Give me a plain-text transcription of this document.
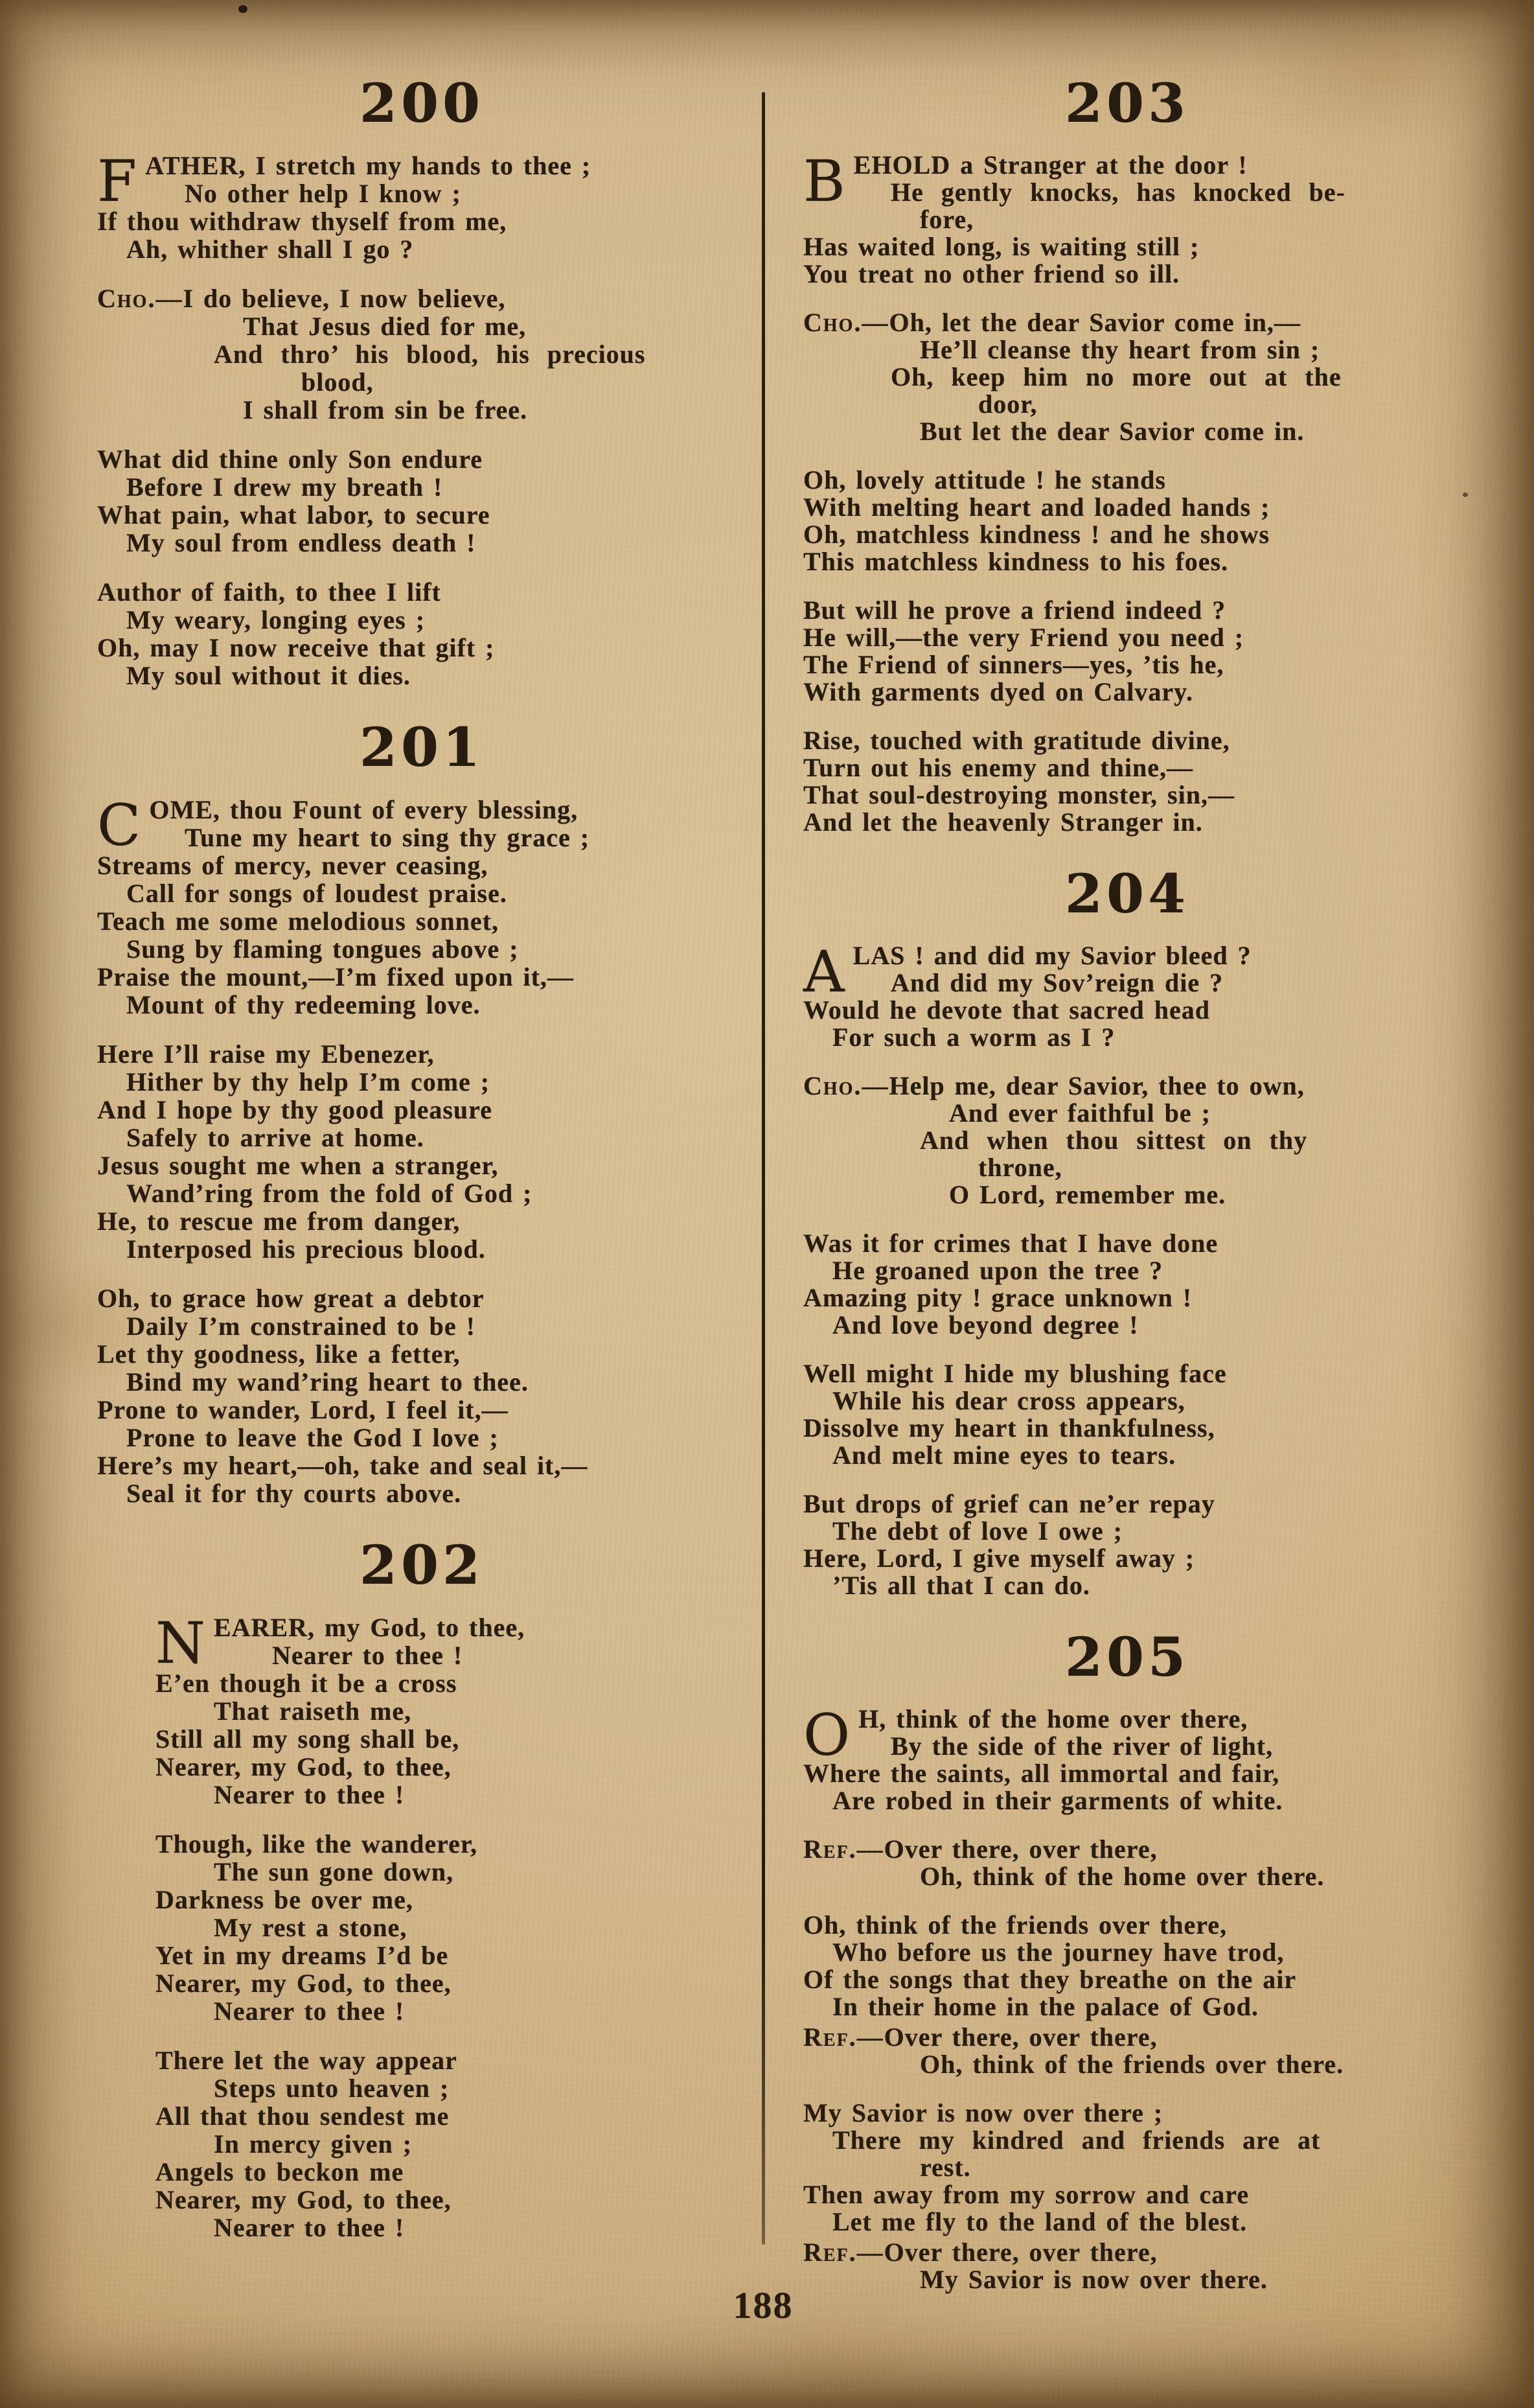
188
200
FATHER, I stretch my hands to thee ;
No other help I know ;
If thou withdraw thyself from me,
Ah, whither shall I go ?
Cho.—I do believe, I now believe,
That Jesus died for me,
And thro’ his blood, his precious
blood,
I shall from sin be free.
What did thine only Son endure
Before I drew my breath !
What pain, what labor, to secure
My soul from endless death !
Author of faith, to thee I lift
My weary, longing eyes ;
Oh, may I now receive that gift ;
My soul without it dies.
201
COME, thou Fount of every blessing,
Tune my heart to sing thy grace ;
Streams of mercy, never ceasing,
Call for songs of loudest praise.
Teach me some melodious sonnet,
Sung by flaming tongues above ;
Praise the mount,—I’m fixed upon it,—
Mount of thy redeeming love.
Here I’ll raise my Ebenezer,
Hither by thy help I’m come ;
And I hope by thy good pleasure
Safely to arrive at home.
Jesus sought me when a stranger,
Wand’ring from the fold of God ;
He, to rescue me from danger,
Interposed his precious blood.
Oh, to grace how great a debtor
Daily I’m constrained to be !
Let thy goodness, like a fetter,
Bind my wand’ring heart to thee.
Prone to wander, Lord, I feel it,—
Prone to leave the God I love ;
Here’s my heart,—oh, take and seal it,—
Seal it for thy courts above.
202
NEARER, my God, to thee,
Nearer to thee !
E’en though it be a cross
That raiseth me,
Still all my song shall be,
Nearer, my God, to thee,
Nearer to thee !
Though, like the wanderer,
The sun gone down,
Darkness be over me,
My rest a stone,
Yet in my dreams I’d be
Nearer, my God, to thee,
Nearer to thee !
There let the way appear
Steps unto heaven ;
All that thou sendest me
In mercy given ;
Angels to beckon me
Nearer, my God, to thee,
Nearer to thee !
203
BEHOLD a Stranger at the door !
He gently knocks, has knocked be-
fore,
Has waited long, is waiting still ;
You treat no other friend so ill.
Cho.—Oh, let the dear Savior come in,—
He’ll cleanse thy heart from sin ;
Oh, keep him no more out at the
door,
But let the dear Savior come in.
Oh, lovely attitude ! he stands
With melting heart and loaded hands ;
Oh, matchless kindness ! and he shows
This matchless kindness to his foes.
But will he prove a friend indeed ?
He will,—the very Friend you need ;
The Friend of sinners—yes, ’tis he,
With garments dyed on Calvary.
Rise, touched with gratitude divine,
Turn out his enemy and thine,—
That soul-destroying monster, sin,—
And let the heavenly Stranger in.
204
ALAS ! and did my Savior bleed ?
And did my Sov’reign die ?
Would he devote that sacred head
For such a worm as I ?
Cho.—Help me, dear Savior, thee to own,
And ever faithful be ;
And when thou sittest on thy
throne,
O Lord, remember me.
Was it for crimes that I have done
He groaned upon the tree ?
Amazing pity ! grace unknown !
And love beyond degree !
Well might I hide my blushing face
While his dear cross appears,
Dissolve my heart in thankfulness,
And melt mine eyes to tears.
But drops of grief can ne’er repay
The debt of love I owe ;
Here, Lord, I give myself away ;
’Tis all that I can do.
205
O H, think of the home over there,
By the side of the river of light,
Where the saints, all immortal and fair,
Are robed in their garments of white.
Ref.—Over there, over there,
Oh, think of the home over there.
Oh, think of the friends over there,
Who before us the journey have trod,
Of the songs that they breathe on the air
In their home in the palace of God.
Ref.—Over there, over there,
Oh, think of the friends over there.
My Savior is now over there ;
There my kindred and friends are at
rest.
Then away from my sorrow and care
Let me fly to the land of the blest.
Ref.—Over there, over there,
My Savior is now over there.
